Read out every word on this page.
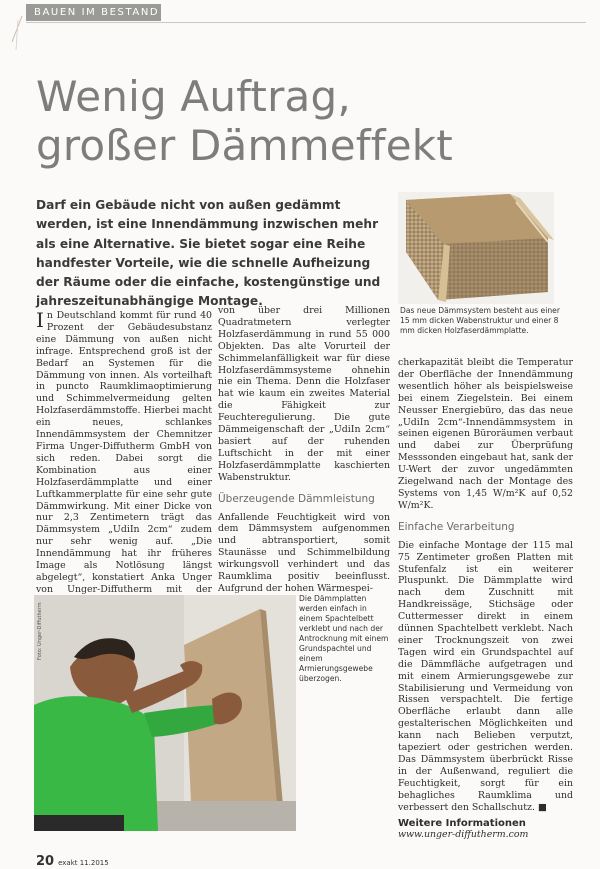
BAUEN IM BESTAND
Wenig Auftrag,
großer Dämmeffekt

Darf ein Gebäude nicht von außen gedämmt werden, ist eine Innendämmung inzwischen mehr als eine Alternative. Sie bietet sogar eine Reihe handfester Vorteile, wie die schnelle Aufheizung der Räume oder die einfache, kostengünstige und jahreszeitunabhängige Montage.

Das neue Dämmsystem besteht aus einer 15 mm dicken Wabenstruktur und einer 8 mm dicken Holzfaserdämmplatte.

In Deutschland kommt für rund 40 Prozent der Gebäudesubstanz eine Dämmung von außen nicht infrage. Entsprechend groß ist der Bedarf an Systemen für die Dämmung von innen. Als vorteilhaft in puncto Raumklimaoptimierung und Schimmelvermeidung gelten Holzfaserdämmstoffe. Hierbei macht ein neues, schlankes Innendämmsystem der Chemnitzer Firma Unger-Diffutherm GmbH von sich reden. Dabei sorgt die Kombination aus einer Holzfaserdämmplatte und einer Luftkammerplatte für eine sehr gute Dämmwirkung. Mit einer Dicke von nur 2,3 Zentimetern trägt das Dämmsystem „UdiIn 2cm“ zudem nur sehr wenig auf. „Die Innendämmung hat ihr früheres Image als Notlösung längst abgelegt“, konstatiert Anka Unger von Unger-Diffutherm mit der

von über drei Millionen Quadratmetern verlegter Holzfaserdämmung in rund 55 000 Objekten. Das alte Vorurteil der Schimmelanfälligkeit war für diese Holzfaserdämmsysteme ohnehin nie ein Thema. Denn die Holzfaser hat wie kaum ein zweites Material die Fähigkeit zur Feuchteregulierung. Die gute Dämmeigenschaft der „UdiIn 2cm“ basiert auf der ruhenden Luftschicht in der mit einer Holzfaserdämmplatte kaschierten Wabenstruktur.

Überzeugende Dämmleistung

Anfallende Feuchtigkeit wird von dem Dämmsystem aufgenommen und abtransportiert, somit Staunässe und Schimmelbildung wirkungsvoll verhindert und das Raumklima positiv beeinflusst. Aufgrund der hohen Wärmespei-

cherkapazität bleibt die Temperatur der Oberfläche der Innendämmung wesentlich höher als beispielsweise bei einem Ziegelstein. Bei einem Neusser Energiebüro, das das neue „UdiIn 2cm“-Innendämmsystem in seinen eigenen Büroräumen verbaut und dabei zur Überprüfung Messsonden eingebaut hat, sank der U-Wert der zuvor ungedämmten Ziegelwand nach der Montage des Systems von 1,45 W/m²K auf 0,52 W/m²K.

Einfache Verarbeitung

Die einfache Montage der 115 mal 75 Zentimeter großen Platten mit Stufenfalz ist ein weiterer Pluspunkt. Die Dämmplatte wird nach dem Zuschnitt mit Handkreissäge, Stichsäge oder Cuttermesser direkt in einem dünnen Spachtelbett verklebt. Nach einer Trocknungszeit von zwei Tagen wird ein Grundspachtel auf die Dämmfläche aufgetragen und mit einem Armierungsgewebe zur Stabilisierung und Vermeidung von Rissen verspachtelt. Die fertige Oberfläche erlaubt dann alle gestalterischen Möglichkeiten und kann nach Belieben verputzt, tapeziert oder gestrichen werden. Das Dämmsystem überbrückt Risse in der Außenwand, reguliert die Feuchtigkeit, sorgt für ein behagliches Raumklima und verbessert den Schallschutz. ■

Weitere Informationen

www.unger-diffutherm.com

Foto: Unger-Diffutherm

Die Dämmplatten werden einfach in einem Spachtelbett verklebt und nach der Antrocknung mit einem Grundspachtel und einem Armierungsgewebe überzogen.

20 exakt 11.2015
